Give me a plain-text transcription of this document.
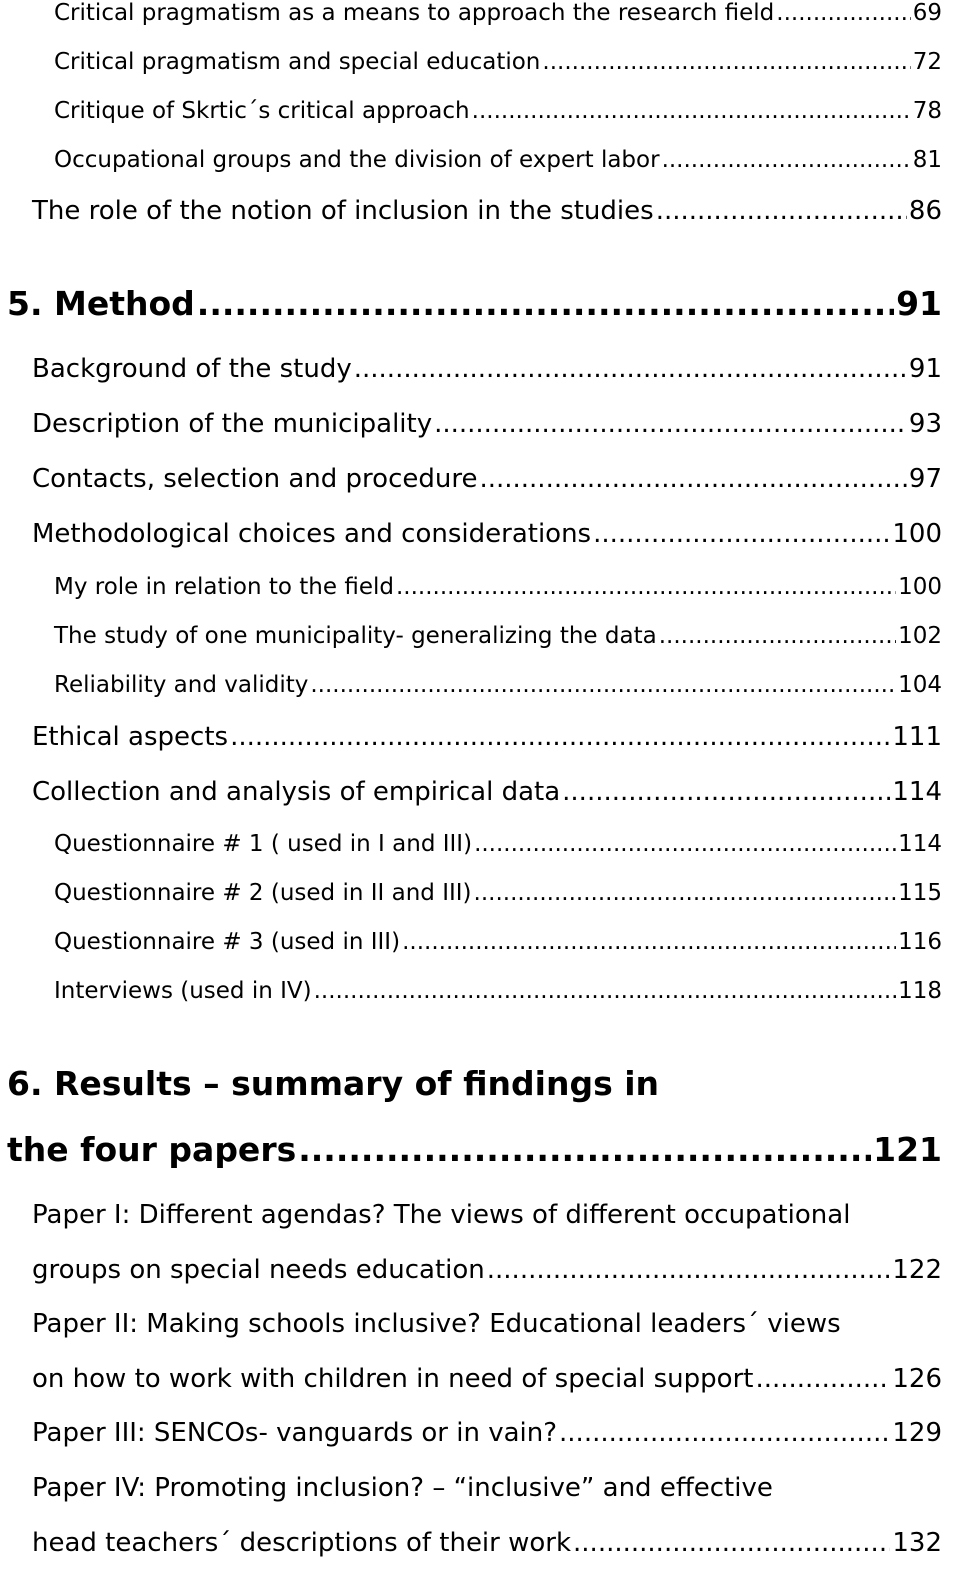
Critical pragmatism as a means to approach the research field .....	69
Critical pragmatism and special education .....	72
Critique of Skrtic´s critical approach .....	78
Occupational groups and the division of expert labor .....	81
The role of the notion of inclusion in the studies .....	86
5. Method .....	91
Background of the study .....	91
Description of the municipality .....	93
Contacts, selection and procedure .....	97
Methodological choices and considerations .....	100
My role in relation to the field .....	100
The study of one municipality- generalizing the data .....	102
Reliability and validity .....	104
Ethical aspects .....	111
Collection and analysis of empirical data .....	114
Questionnaire # 1 ( used in I and III) .....	114
Questionnaire # 2 (used in II and III) .....	115
Questionnaire # 3 (used in III) .....	116
Interviews (used in IV) .....	118
6. Results – summary of findings in
the four papers .....	121
Paper I: Different agendas? The views of different occupational
groups on special needs education .....	122
Paper II: Making schools inclusive? Educational leaders´ views
on how to work with children in need of special support .....	126
Paper III: SENCOs- vanguards or in vain? .....	129
Paper IV: Promoting inclusion? – “inclusive” and effective
head teachers´ descriptions of their work .....	132
